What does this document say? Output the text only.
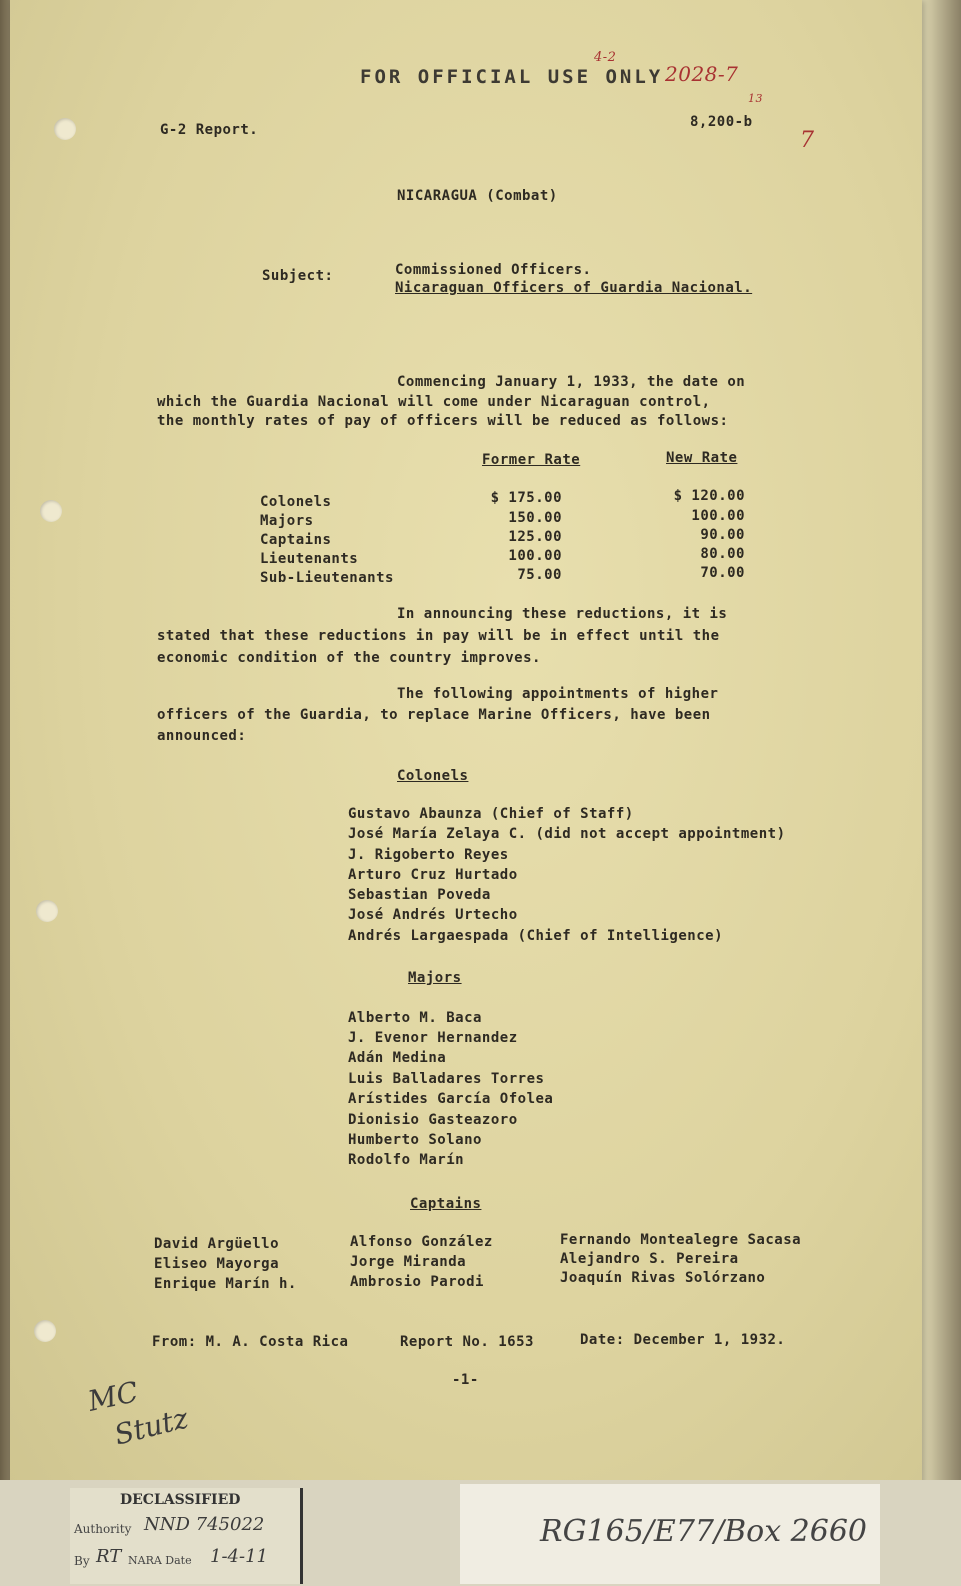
FOR OFFICIAL USE ONLY
4-2
2028-7
13
7
G-2 Report.	8,200-b
NICARAGUA (Combat)
Subject:	Commissioned Officers.
Nicaraguan Officers of Guardia Nacional.
Commencing January 1, 1933, the date on
which the Guardia Nacional will come under Nicaraguan control,
the monthly rates of pay of officers will be reduced as follows:
Former Rate	New Rate
Colonels	$ 175.00	$ 120.00
Majors	150.00	100.00
Captains	125.00	90.00
Lieutenants	100.00	80.00
Sub-Lieutenants	75.00	70.00
In announcing these reductions, it is
stated that these reductions in pay will be in effect until the
economic condition of the country improves.
The following appointments of higher
officers of the Guardia, to replace Marine Officers, have been
announced:
Colonels
Gustavo Abaunza (Chief of Staff)
José María Zelaya C. (did not accept appointment)
J. Rigoberto Reyes
Arturo Cruz Hurtado
Sebastian Poveda
José Andrés Urtecho
Andrés Largaespada (Chief of Intelligence)
Majors
Alberto M. Baca
J. Evenor Hernandez
Adán Medina
Luis Balladares Torres
Arístides García Ofolea
Dionisio Gasteazoro
Humberto Solano
Rodolfo Marín
Captains
David Argüello
Eliseo Mayorga
Enrique Marín h.
Alfonso González
Jorge Miranda
Ambrosio Parodi
Fernando Montealegre Sacasa
Alejandro S. Pereira
Joaquín Rivas Solórzano
From: M. A. Costa Rica	Report No. 1653	Date: December 1, 1932.
-1-
MC
Stutz
DECLASSIFIED
Authority NND 745022
By RT NARA Date 1-4-11
RG165/E77/Box 2660
